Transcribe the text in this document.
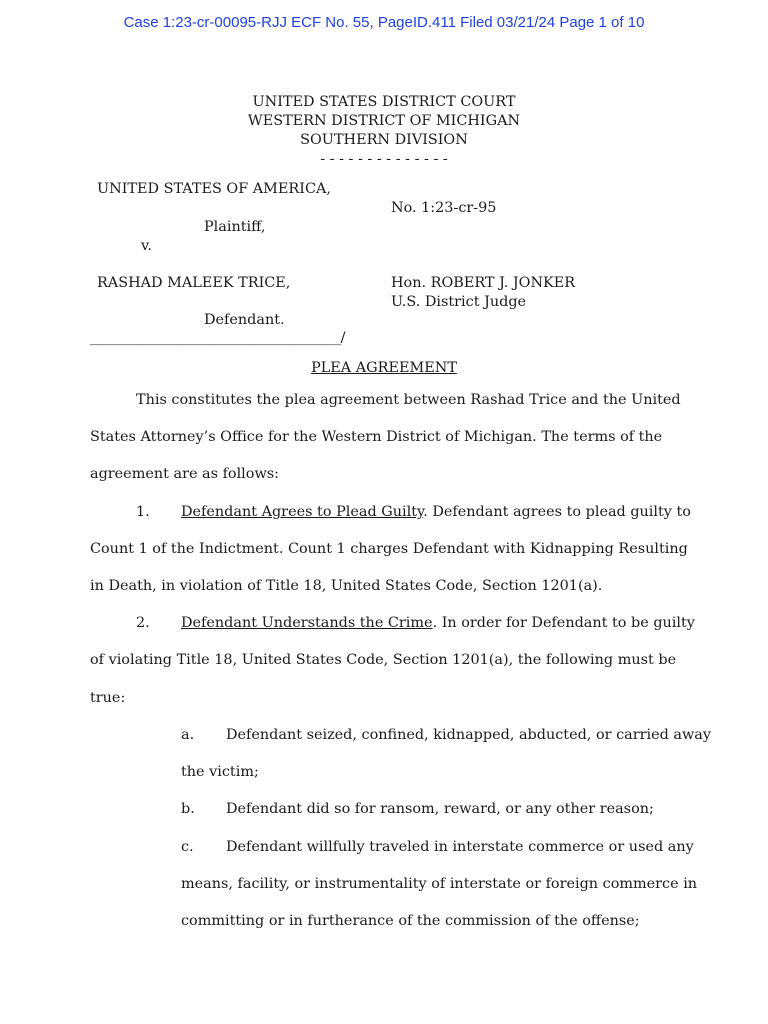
Case 1:23-cr-00095-RJJ ECF No. 55, PageID.411 Filed 03/21/24 Page 1 of 10
UNITED STATES DISTRICT COURT
WESTERN DISTRICT OF MICHIGAN
SOUTHERN DIVISION
- - - - - - - - - - - - - -
UNITED STATES OF AMERICA,
No. 1:23-cr-95
Plaintiff,
v.
RASHAD MALEEK TRICE,	Hon. ROBERT J. JONKER
U.S. District Judge
Defendant.
______________________________________/
PLEA AGREEMENT
This constitutes the plea agreement between Rashad Trice and the United
States Attorney’s Office for the Western District of Michigan. The terms of the
agreement are as follows:
1. Defendant Agrees to Plead Guilty. Defendant agrees to plead guilty to
Count 1 of the Indictment. Count 1 charges Defendant with Kidnapping Resulting
in Death, in violation of Title 18, United States Code, Section 1201(a).
2. Defendant Understands the Crime. In order for Defendant to be guilty
of violating Title 18, United States Code, Section 1201(a), the following must be
true:
a. Defendant seized, confined, kidnapped, abducted, or carried away
the victim;
b. Defendant did so for ransom, reward, or any other reason;
c. Defendant willfully traveled in interstate commerce or used any
means, facility, or instrumentality of interstate or foreign commerce in
committing or in furtherance of the commission of the offense;
